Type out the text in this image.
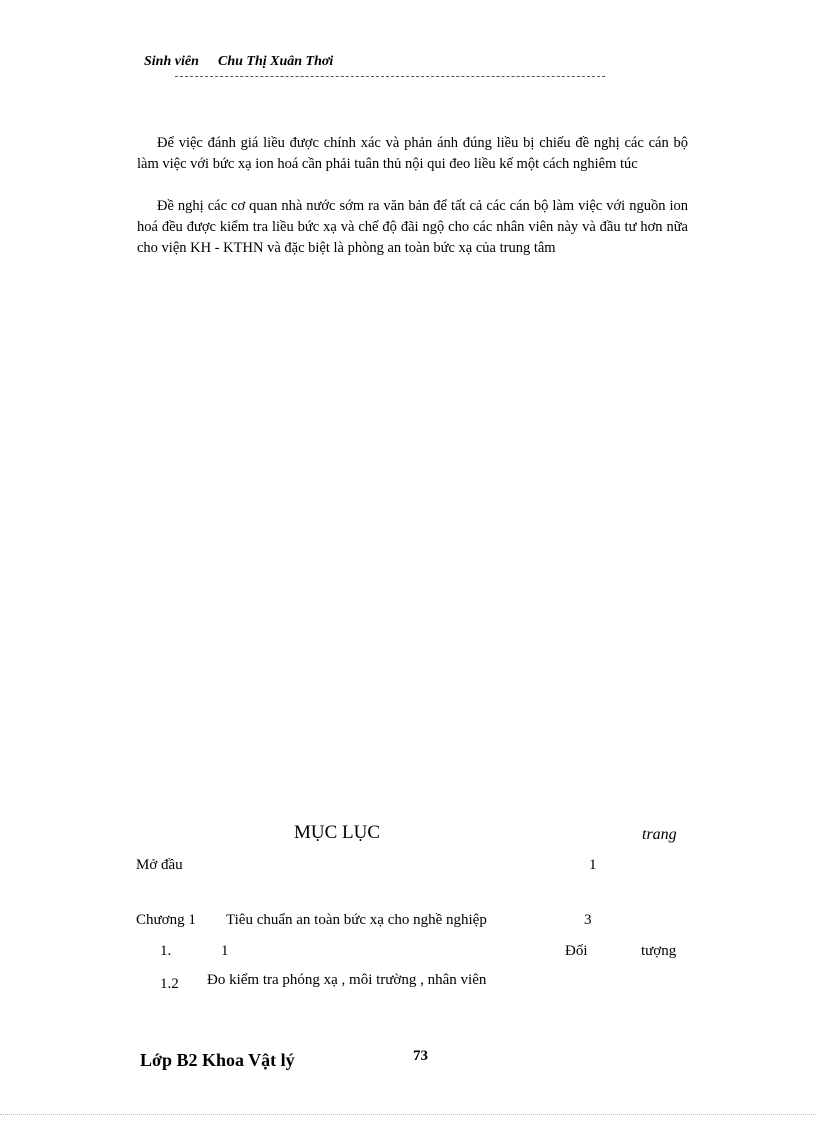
Sinh viên Chu Thị Xuân Thơi
Để việc đánh giá liều được chính xác và phản ánh đúng liều bị chiếu đề nghị các cán bộ làm việc với bức xạ ion hoá cần phải tuân thủ nội qui đeo liều kế một cách nghiêm túc
Đề nghị các cơ quan nhà nước sớm ra văn bản để tất cả các cán bộ làm việc với nguồn ion hoá đều được kiểm tra liều bức xạ và chế độ đãi ngộ cho các nhân viên này và đầu tư hơn nữa cho viện KH - KTHN và đặc biệt là phòng an toàn bức xạ của trung tâm
MỤC LỤC	trang
Mở đầu	1
Chương 1 Tiêu chuẩn an toàn bức xạ cho nghề nghiệp	3
1.	1	Đối	tượng
1.2 Đo kiểm tra phóng xạ , môi trường , nhân viên
Lớp B2 Khoa Vật lý	73
